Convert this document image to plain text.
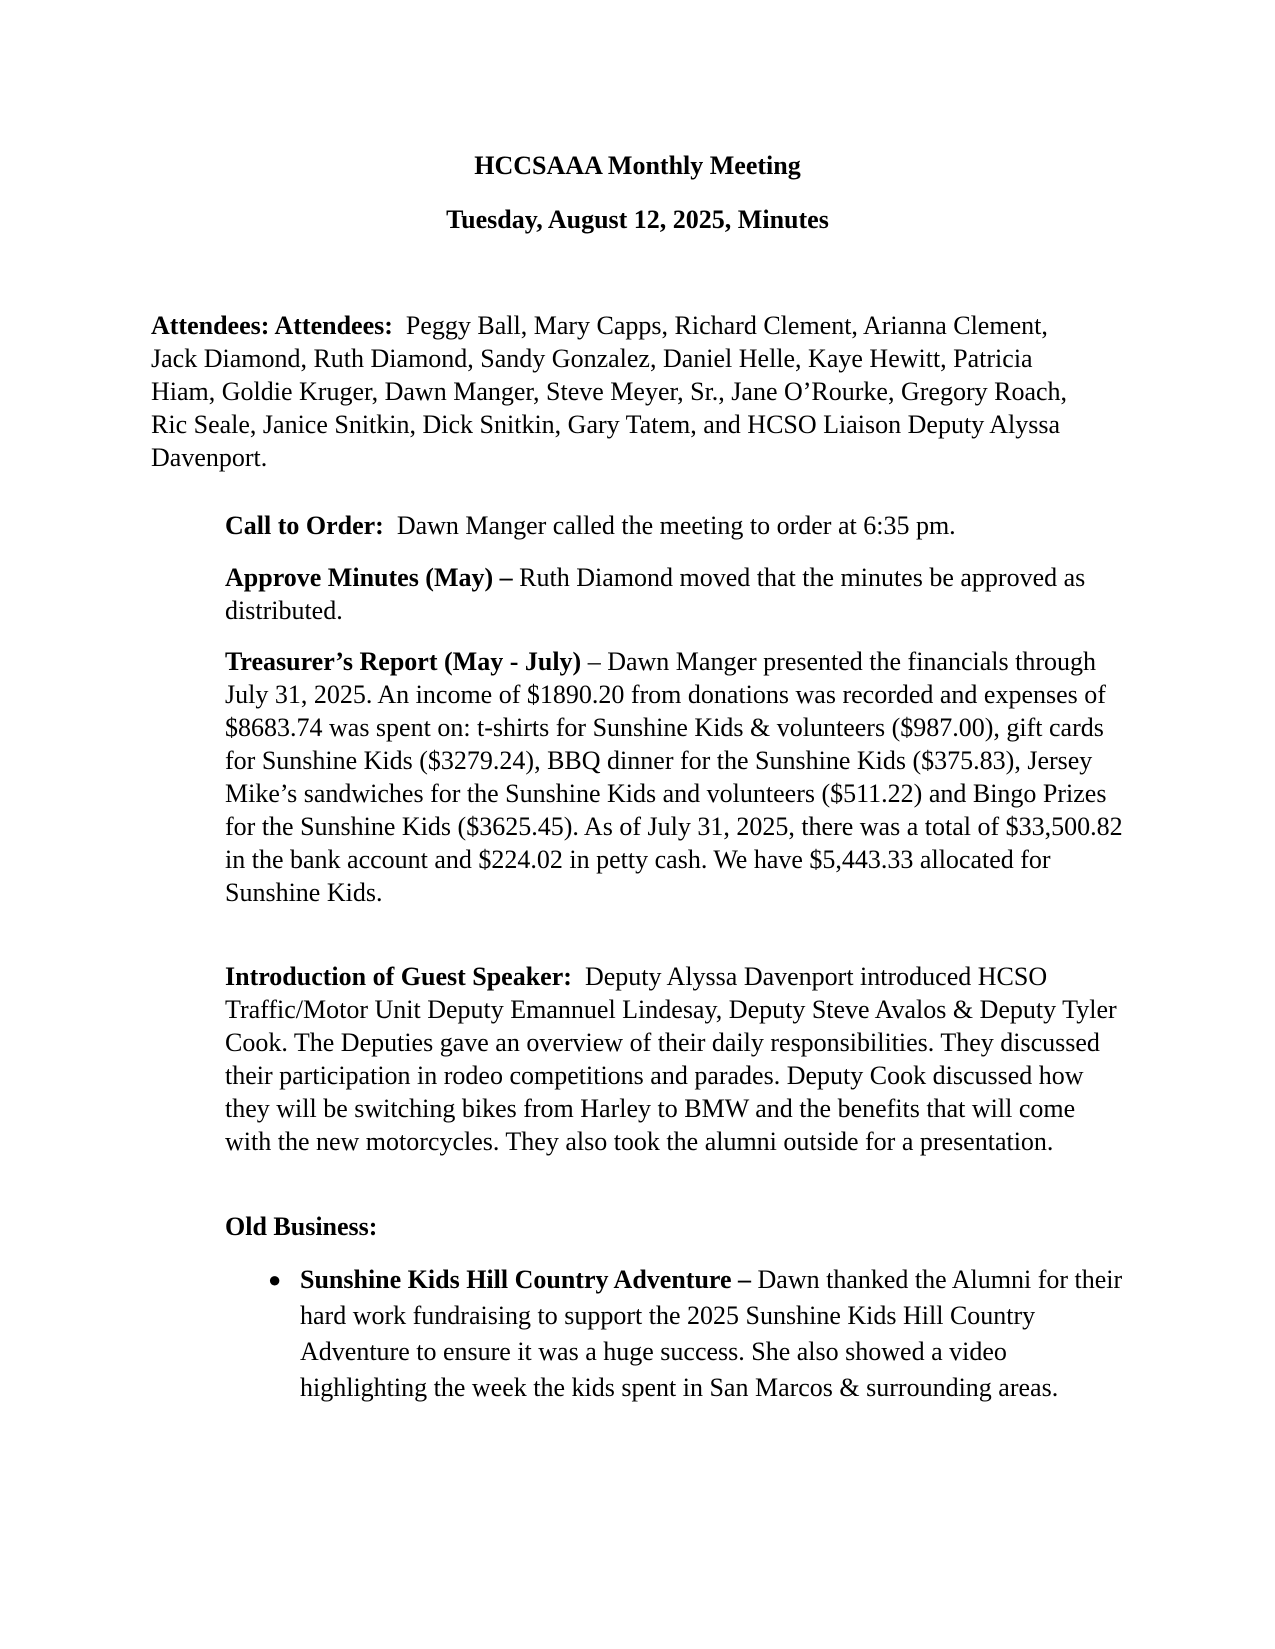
HCCSAAA Monthly Meeting
Tuesday, August 12, 2025, Minutes

Attendees: Attendees: Peggy Ball, Mary Capps, Richard Clement, Arianna Clement, Jack Diamond, Ruth Diamond, Sandy Gonzalez, Daniel Helle, Kaye Hewitt, Patricia Hiam, Goldie Kruger, Dawn Manger, Steve Meyer, Sr., Jane O’Rourke, Gregory Roach, Ric Seale, Janice Snitkin, Dick Snitkin, Gary Tatem, and HCSO Liaison Deputy Alyssa Davenport.

Call to Order: Dawn Manger called the meeting to order at 6:35 pm.

Approve Minutes (May) – Ruth Diamond moved that the minutes be approved as distributed.

Treasurer’s Report (May - July) – Dawn Manger presented the financials through July 31, 2025. An income of $1890.20 from donations was recorded and expenses of $8683.74 was spent on: t-shirts for Sunshine Kids & volunteers ($987.00), gift cards for Sunshine Kids ($3279.24), BBQ dinner for the Sunshine Kids ($375.83), Jersey Mike’s sandwiches for the Sunshine Kids and volunteers ($511.22) and Bingo Prizes for the Sunshine Kids ($3625.45). As of July 31, 2025, there was a total of $33,500.82 in the bank account and $224.02 in petty cash. We have $5,443.33 allocated for Sunshine Kids.

Introduction of Guest Speaker: Deputy Alyssa Davenport introduced HCSO Traffic/Motor Unit Deputy Emannuel Lindesay, Deputy Steve Avalos & Deputy Tyler Cook. The Deputies gave an overview of their daily responsibilities. They discussed their participation in rodeo competitions and parades. Deputy Cook discussed how they will be switching bikes from Harley to BMW and the benefits that will come with the new motorcycles. They also took the alumni outside for a presentation.

Old Business:

● Sunshine Kids Hill Country Adventure – Dawn thanked the Alumni for their hard work fundraising to support the 2025 Sunshine Kids Hill Country Adventure to ensure it was a huge success. She also showed a video highlighting the week the kids spent in San Marcos & surrounding areas.
